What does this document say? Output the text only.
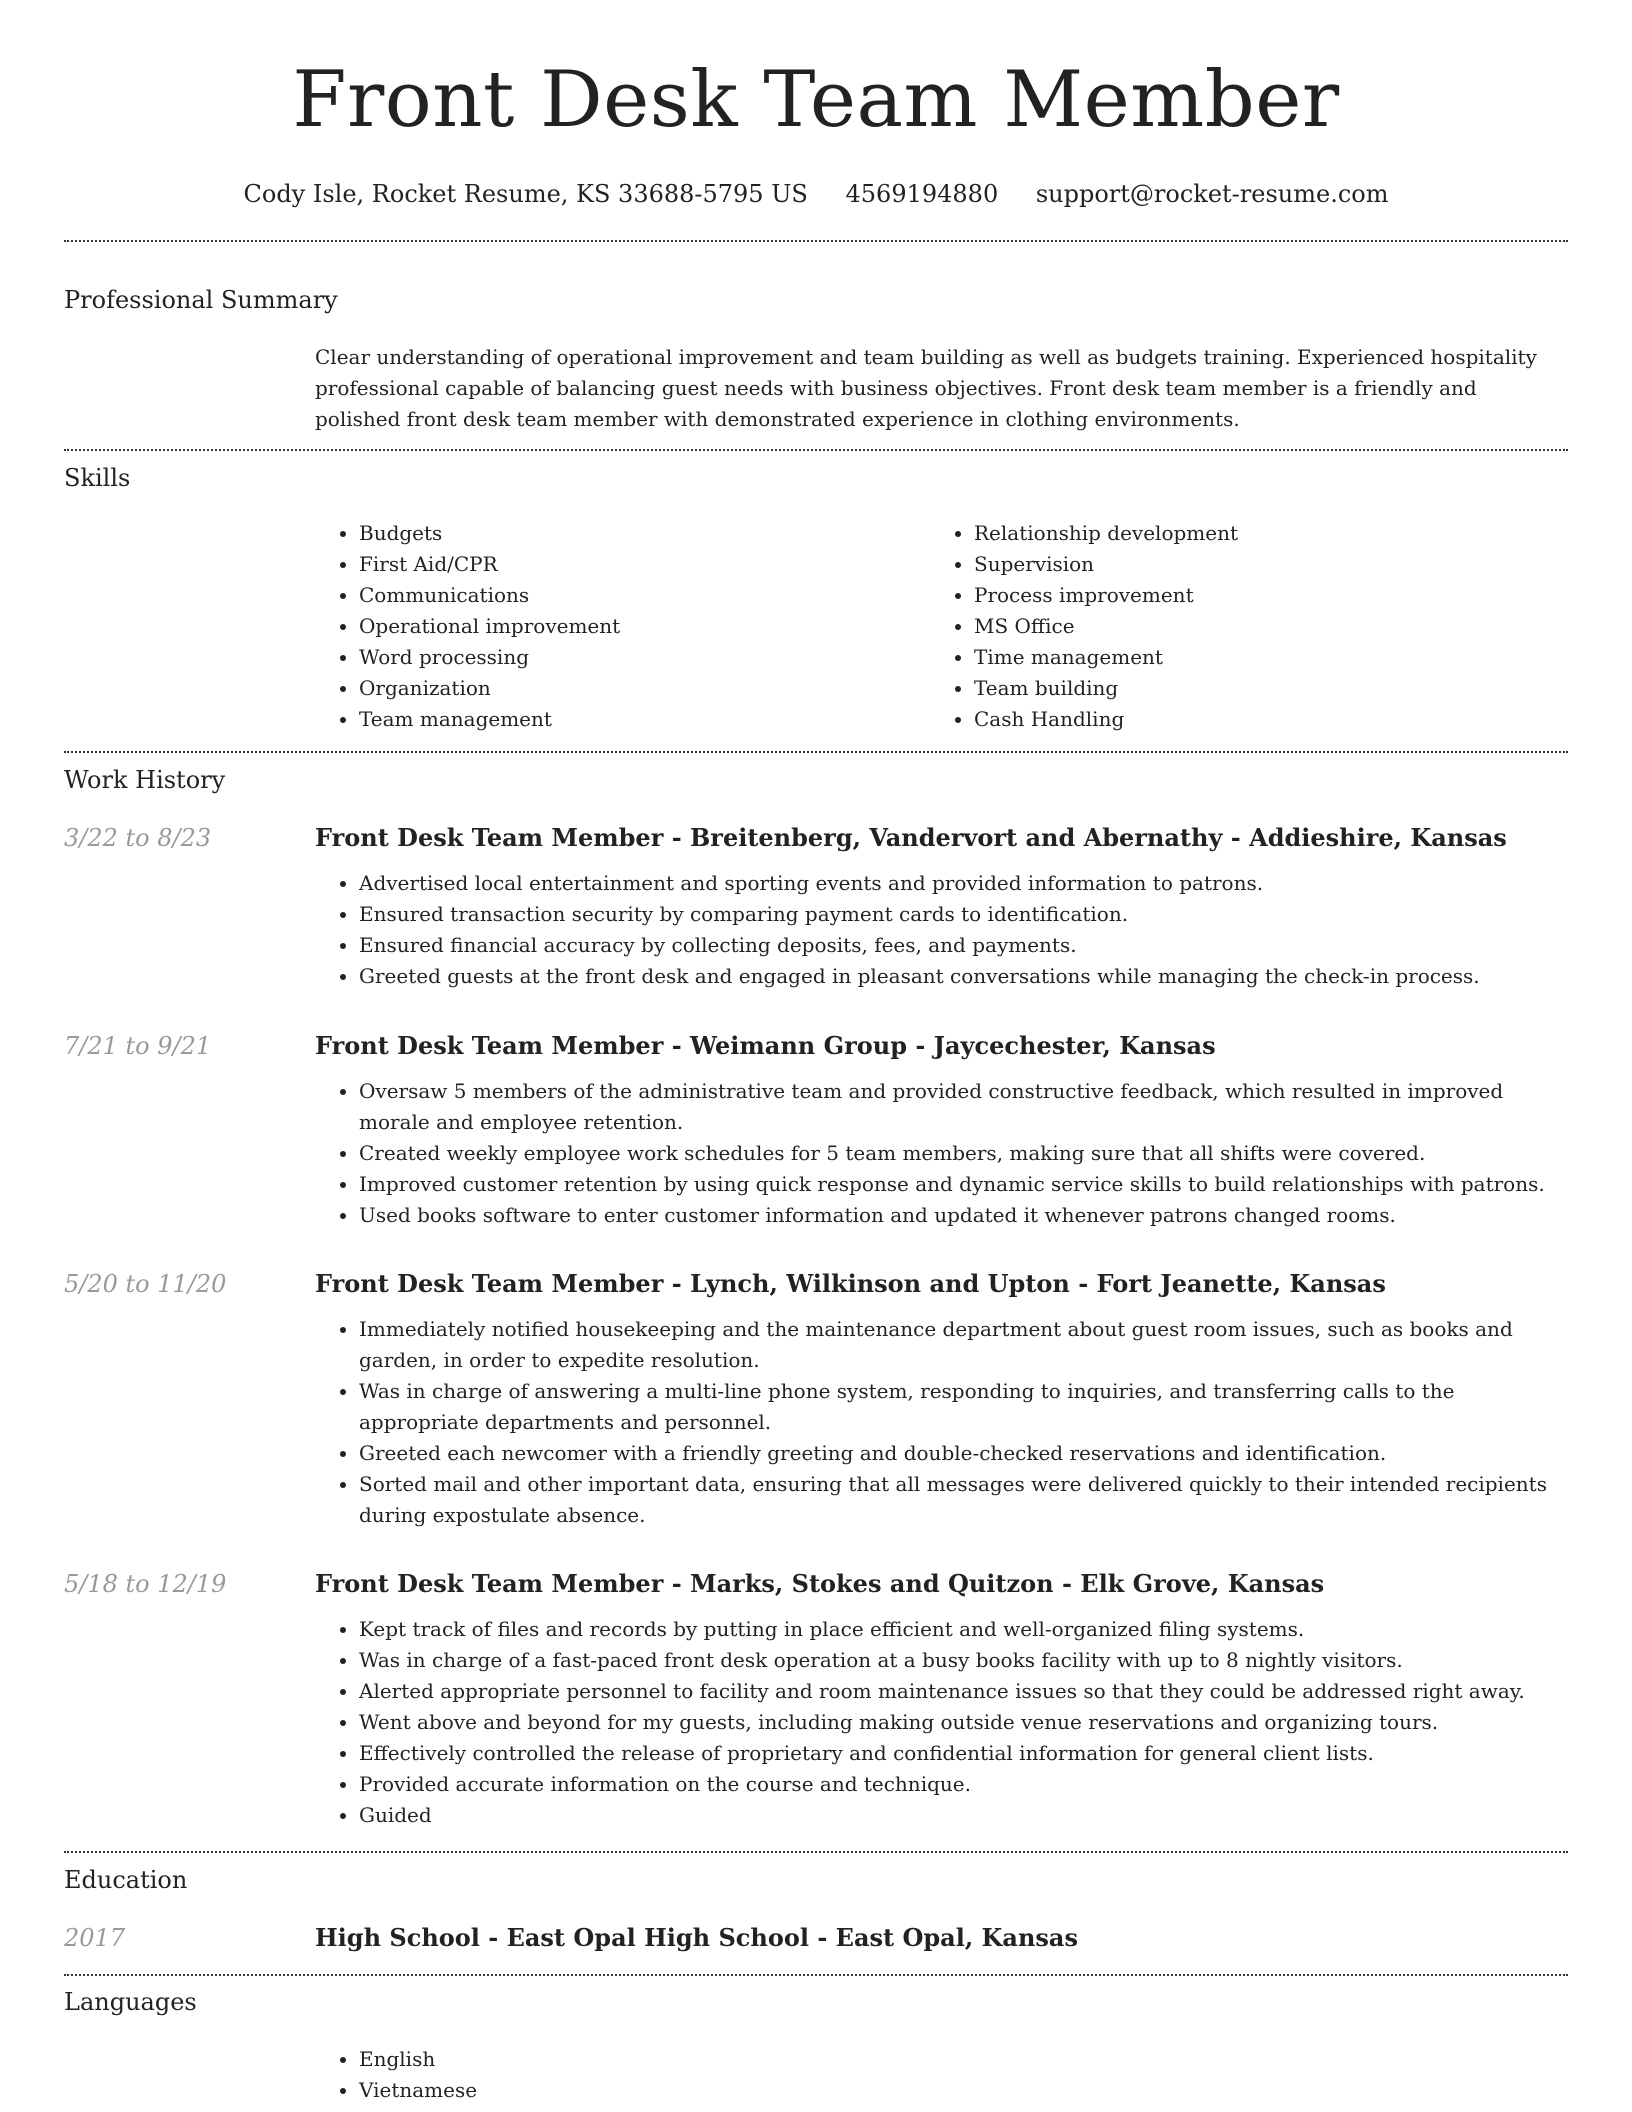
Front Desk Team Member
Cody Isle, Rocket Resume, KS 33688-5795 US 4569194880 support@rocket-resume.com
Professional Summary

Clear understanding of operational improvement and team building as well as budgets training. Experienced hospitality professional capable of balancing guest needs with business objectives. Front desk team member is a friendly and polished front desk team member with demonstrated experience in clothing environments.

Skills
• Budgets
• First Aid/CPR
• Communications
• Operational improvement
• Word processing
• Organization
• Team management
• Relationship development
• Supervision
• Process improvement
• MS Office
• Time management
• Team building
• Cash Handling
Work History
3/22 to 8/23	Front Desk Team Member - Breitenberg, Vandervort and Abernathy - Addieshire, Kansas
• Advertised local entertainment and sporting events and provided information to patrons.
• Ensured transaction security by comparing payment cards to identification.
• Ensured financial accuracy by collecting deposits, fees, and payments.
• Greeted guests at the front desk and engaged in pleasant conversations while managing the check-in process.
7/21 to 9/21	Front Desk Team Member - Weimann Group - Jaycechester, Kansas
• Oversaw 5 members of the administrative team and provided constructive feedback, which resulted in improved morale and employee retention.
• Created weekly employee work schedules for 5 team members, making sure that all shifts were covered.
• Improved customer retention by using quick response and dynamic service skills to build relationships with patrons.
• Used books software to enter customer information and updated it whenever patrons changed rooms.
5/20 to 11/20	Front Desk Team Member - Lynch, Wilkinson and Upton - Fort Jeanette, Kansas
• Immediately notified housekeeping and the maintenance department about guest room issues, such as books and garden, in order to expedite resolution.
• Was in charge of answering a multi-line phone system, responding to inquiries, and transferring calls to the appropriate departments and personnel.
• Greeted each newcomer with a friendly greeting and double-checked reservations and identification.
• Sorted mail and other important data, ensuring that all messages were delivered quickly to their intended recipients during expostulate absence.
5/18 to 12/19	Front Desk Team Member - Marks, Stokes and Quitzon - Elk Grove, Kansas
• Kept track of files and records by putting in place efficient and well-organized filing systems.
• Was in charge of a fast-paced front desk operation at a busy books facility with up to 8 nightly visitors.
• Alerted appropriate personnel to facility and room maintenance issues so that they could be addressed right away.
• Went above and beyond for my guests, including making outside venue reservations and organizing tours.
• Effectively controlled the release of proprietary and confidential information for general client lists.
• Provided accurate information on the course and technique.
• Guided
Education
2017	High School - East Opal High School - East Opal, Kansas
Languages
• English
• Vietnamese
